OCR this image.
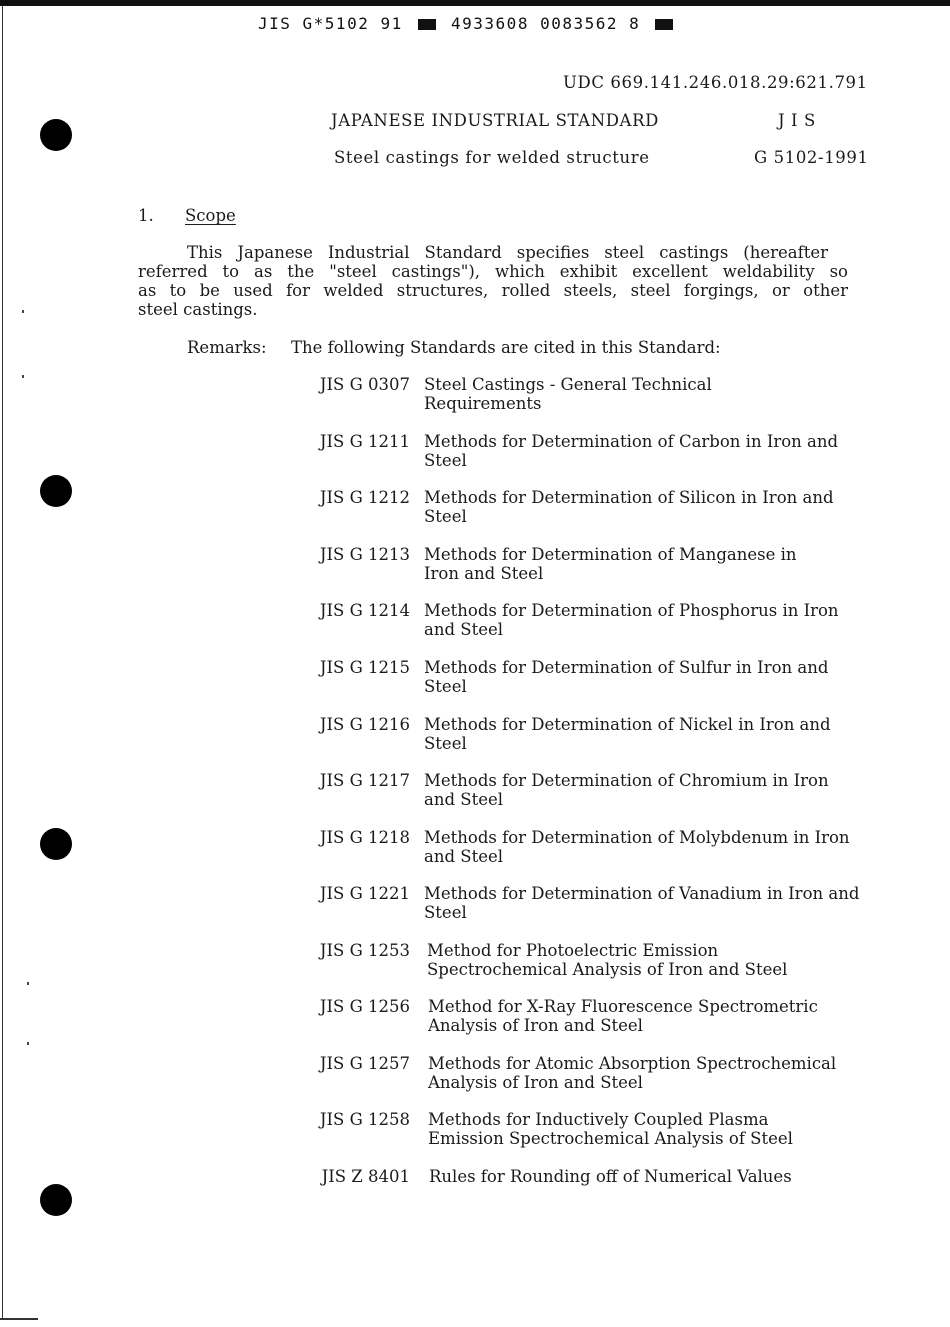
JIS G*5102 91	4933608 0083562 8
UDC 669.141.246.018.29:621.791
JAPANESE INDUSTRIAL STANDARD	J I S
Steel castings for welded structure	G 5102-1991
1. Scope
This Japanese Industrial Standard specifies steel castings (hereafter
referred to as the "steel castings"), which exhibit excellent weldability so
as to be used for welded structures, rolled steels, steel forgings, or other
steel castings.
Remarks: The following Standards are cited in this Standard:
JIS G 0307 Steel Castings - General Technical Requirements
JIS G 1211 Methods for Determination of Carbon in Iron and Steel
JIS G 1212 Methods for Determination of Silicon in Iron and Steel
JIS G 1213 Methods for Determination of Manganese in Iron and Steel
JIS G 1214 Methods for Determination of Phosphorus in Iron and Steel
JIS G 1215 Methods for Determination of Sulfur in Iron and Steel
JIS G 1216 Methods for Determination of Nickel in Iron and Steel
JIS G 1217 Methods for Determination of Chromium in Iron and Steel
JIS G 1218 Methods for Determination of Molybdenum in Iron and Steel
JIS G 1221 Methods for Determination of Vanadium in Iron and Steel
JIS G 1253 Method for Photoelectric Emission Spectrochemical Analysis of Iron and Steel
JIS G 1256 Method for X-Ray Fluorescence Spectrometric Analysis of Iron and Steel
JIS G 1257 Methods for Atomic Absorption Spectrochemical Analysis of Iron and Steel
JIS G 1258 Methods for Inductively Coupled Plasma Emission Spectrochemical Analysis of Steel
JIS Z 8401 Rules for Rounding off of Numerical Values
